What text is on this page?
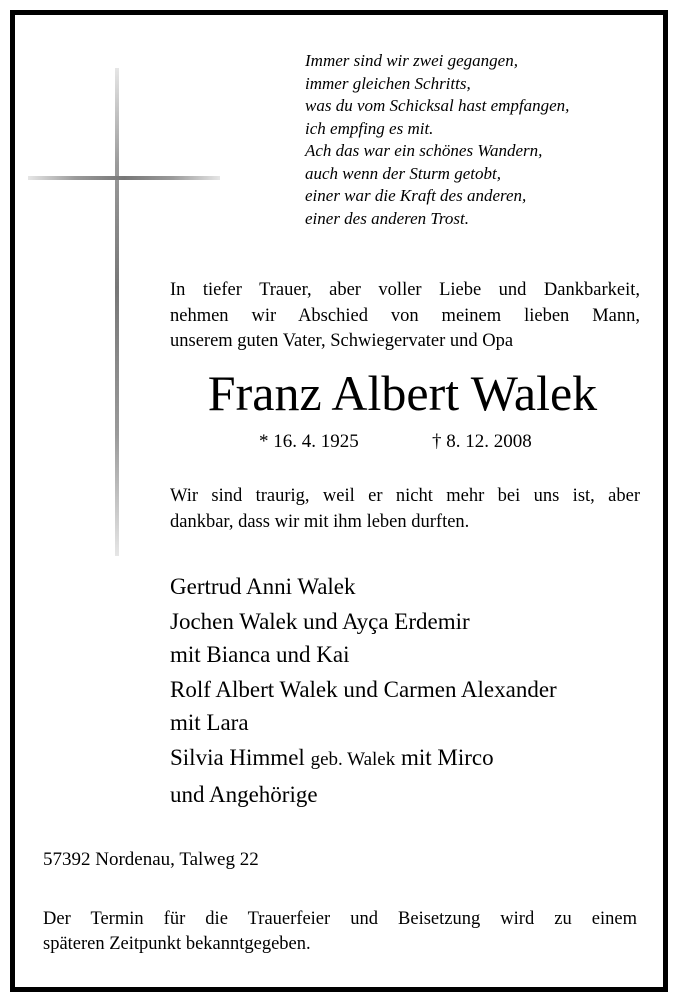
Immer sind wir zwei gegangen,
immer gleichen Schritts,
was du vom Schicksal hast empfangen,
ich empfing es mit.
Ach das war ein schönes Wandern,
auch wenn der Sturm getobt,
einer war die Kraft des anderen,
einer des anderen Trost.
In tiefer Trauer, aber voller Liebe und Dankbarkeit,
nehmen wir Abschied von meinem lieben Mann,
unserem guten Vater, Schwiegervater und Opa
Franz Albert Walek
* 16. 4. 1925	† 8. 12. 2008
Wir sind traurig, weil er nicht mehr bei uns ist, aber
dankbar, dass wir mit ihm leben durften.
Gertrud Anni Walek
Jochen Walek und Ayça Erdemir
mit Bianca und Kai
Rolf Albert Walek und Carmen Alexander
mit Lara
Silvia Himmel geb. Walek mit Mirco
und Angehörige
57392 Nordenau, Talweg 22
Der Termin für die Trauerfeier und Beisetzung wird zu einem
späteren Zeitpunkt bekanntgegeben.
